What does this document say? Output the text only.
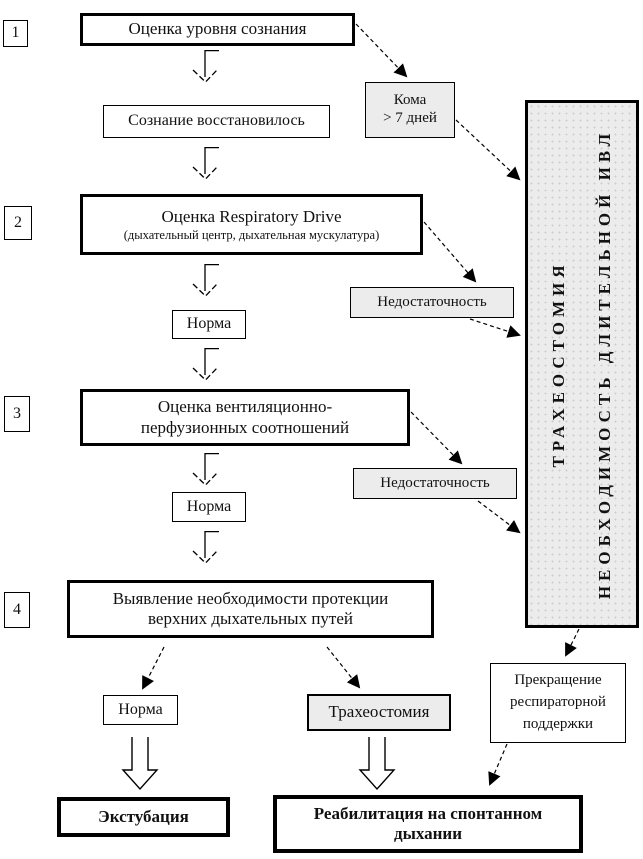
1
2
3
4
Оценка уровня сознания
Сознание восстановилось
Кома
> 7 дней
ТРАХЕОСТОМИЯ	НЕОБХОДИМОСТЬ ДЛИТЕЛЬНОЙ ИВЛ
Оценка Respiratory Drive
(дыхательный центр, дыхательная мускулатура)
Норма
Недостаточность
Оценка вентиляционно-
перфузионных соотношений
Норма
Недостаточность
Выявление необходимости протекции
верхних дыхательных путей
Норма	Трахеостомия
Прекращение
респираторной
поддержки
Экстубация	Реабилитация на спонтанном дыхании
